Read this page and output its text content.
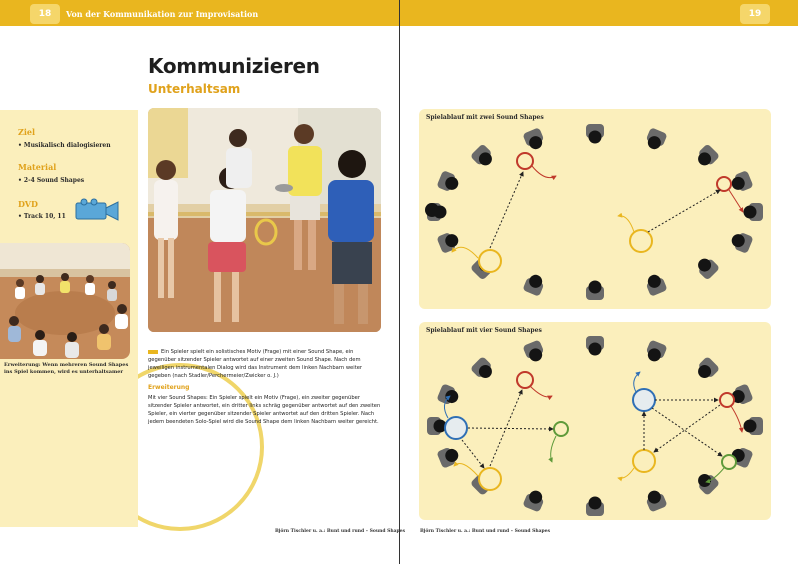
18	19
Von der Kommunikation zur Improvisation
Kommunizieren
Unterhaltsam
Ziel
• Musikalisch dialogisieren
Material
• 2-4 Sound Shapes
DVD
• Track 10, 11
Erweiterung: Wenn mehreren Sound Shapes ins Spiel kommen, wird es unterhaltsamer
Ein Spieler spielt ein solistisches Motiv (Frage) mit einer Sound Shape, ein gegenüber sitzender Spieler antwortet auf einer zweiten Sound Shape. Nach dem jeweiligen instrumentalen Dialog wird das Instrument dem linken Nachbarn weiter gegeben (nach Stadler/Perchermeier/Zwicker o. J.)
Erweiterung
Mit vier Sound Shapes: Ein Spieler spielt ein Motiv (Frage), ein zweiter gegenüber sitzender Spieler antwortet, ein dritter links schräg gegenüber antwortet auf den zweiten Spieler, ein vierter gegenüber sitzender Spieler antwortet auf den dritten Spieler. Nach jedem beendeten Solo-Spiel wird die Sound Shape dem linken Nachbarn weiter gereicht.
Björn Tischler u. a.: Bunt und rund – Sound Shapes
Spielablauf mit zwei Sound Shapes
Spielablauf mit vier Sound Shapes
Björn Tischler u. a.: Bunt und rund – Sound Shapes
